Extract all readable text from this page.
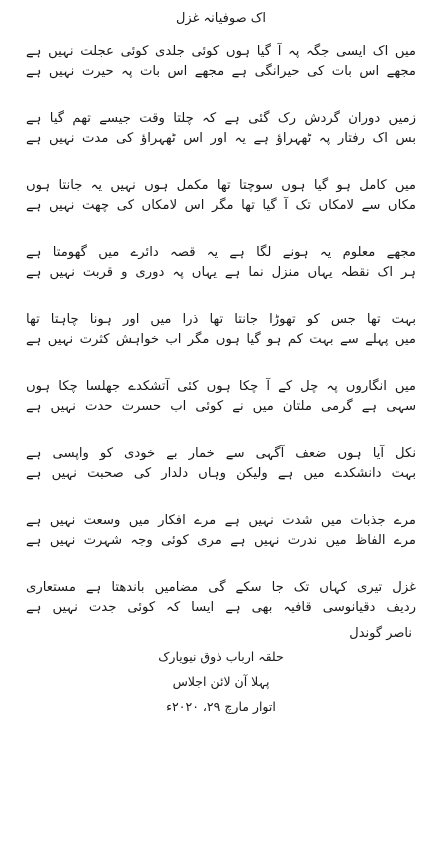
اک صوفیانہ غزل
میں اک ایسی جگہ پہ آ گیا ہوں کوئی جلدی کوئی عجلت نہیں ہے
مجھے اس بات کی حیرانگی ہے مجھے اس بات پہ حیرت نہیں ہے
زمیں دوران گردش رک گئی ہے کہ چلتا وقت جیسے تھم گیا ہے
بس اک رفتار پہ ٹھہراؤ ہے یہ اور اس ٹھہراؤ کی مدت نہیں ہے
میں کامل ہو گیا ہوں سوچتا تھا مکمل ہوں نہیں یہ جانتا ہوں
مکاں سے لامکاں تک آ گیا تھا مگر اس لامکاں کی چھت نہیں ہے
مجھے معلوم یہ ہونے لگا ہے یہ قصہ دائرے میں گھومتا ہے
ہر اک نقطہ یہاں منزل نما ہے یہاں پہ دوری و قربت نہیں ہے
بہت تھا جس کو تھوڑا جانتا تھا ذرا میں اور ہونا چاہتا تھا
میں پہلے سے بہت کم ہو گیا ہوں مگر اب خواہش کثرت نہیں ہے
میں انگاروں پہ چل کے آ چکا ہوں کئی آتشکدے جھلسا چکا ہوں
سہی ہے گرمی ملتان میں نے کوئی اب حسرت حدت نہیں ہے
نکل آیا ہوں ضعف آگہی سے خمار بے خودی کو واپسی ہے
بہت دانشکدے میں ہے ولیکن وہاں دلدار کی صحبت نہیں ہے
مرے جذبات میں شدت نہیں ہے مرے افکار میں وسعت نہیں ہے
مرے الفاظ میں ندرت نہیں ہے مری کوئی وجہ شہرت نہیں ہے
غزل تیری کہاں تک جا سکے گی مضامیں باندھتا ہے مستعاری
ردیف دقیانوسی قافیہ بھی ہے ایسا کہ کوئی جدت نہیں ہے
ناصر گوندل
حلقہ ارباب ذوق نیویارک
پہلا آن لائن اجلاس
اتوار مارچ ۲۹، ۲۰۲۰ء
